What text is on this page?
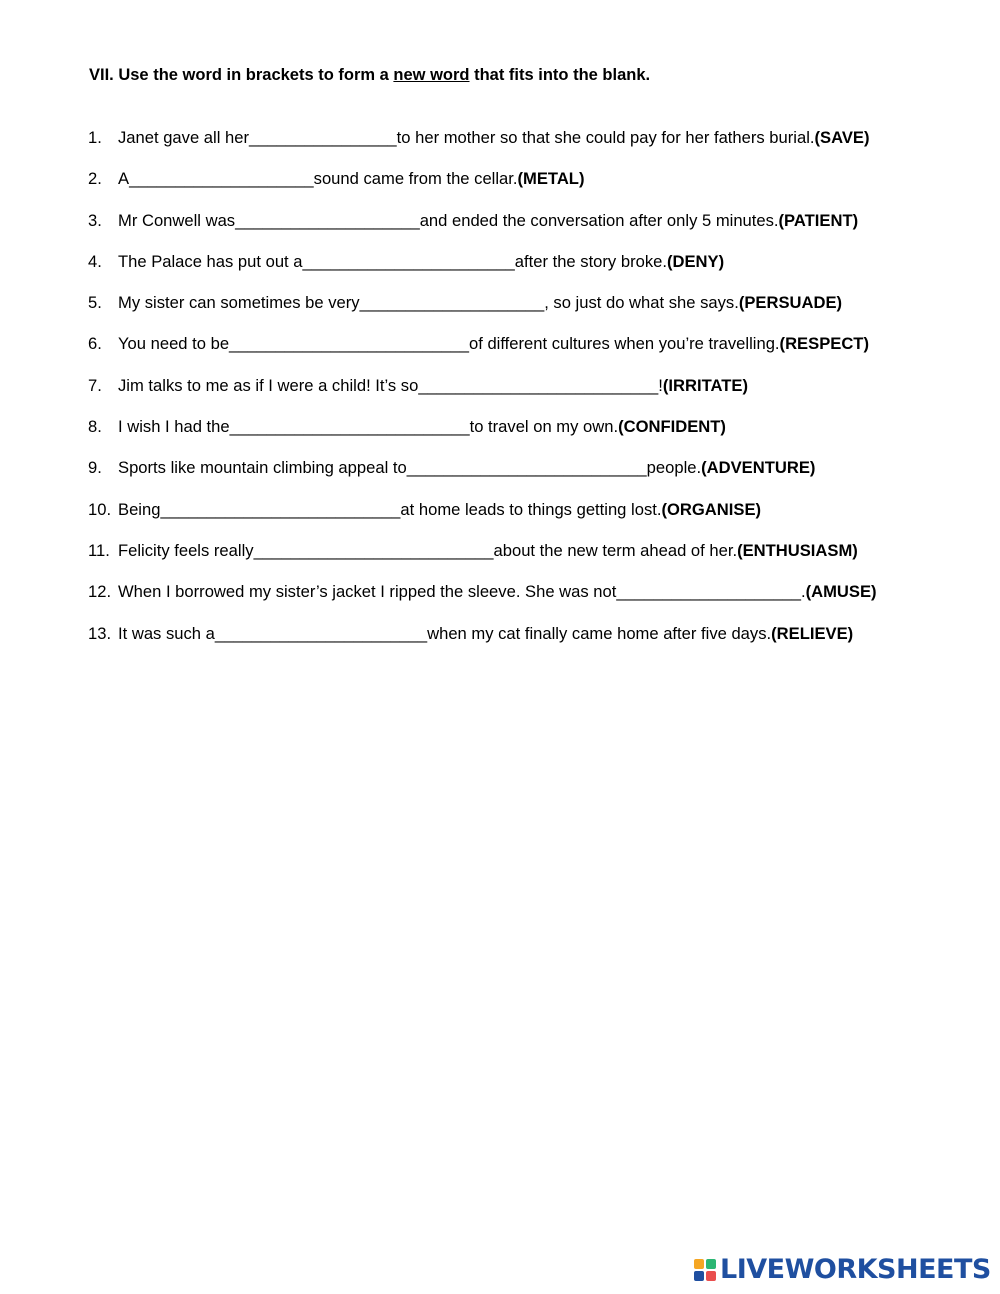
VII. Use the word in brackets to form a new word that fits into the blank.
1. Janet gave all her ________________ to her mother so that she could pay for her fathers burial. (SAVE)
2. A ____________________ sound came from the cellar. (METAL)
3. Mr Conwell was ____________________ and ended the conversation after only 5 minutes. (PATIENT)
4. The Palace has put out a _______________________ after the story broke. (DENY)
5. My sister can sometimes be very ____________________ , so just do what she says. (PERSUADE)
6. You need to be __________________________ of different cultures when you’re travelling. (RESPECT)
7. Jim talks to me as if I were a child! It’s so __________________________ ! (IRRITATE)
8. I wish I had the __________________________ to travel on my own. (CONFIDENT)
9. Sports like mountain climbing appeal to __________________________ people. (ADVENTURE)
10. Being __________________________ at home leads to things getting lost. (ORGANISE)
11. Felicity feels really __________________________ about the new term ahead of her. (ENTHUSIASM)
12. When I borrowed my sister’s jacket I ripped the sleeve. She was not ____________________ . (AMUSE)
13. It was such a _______________________ when my cat finally came home after five days. (RELIEVE)
LIVEWORKSHEETS
